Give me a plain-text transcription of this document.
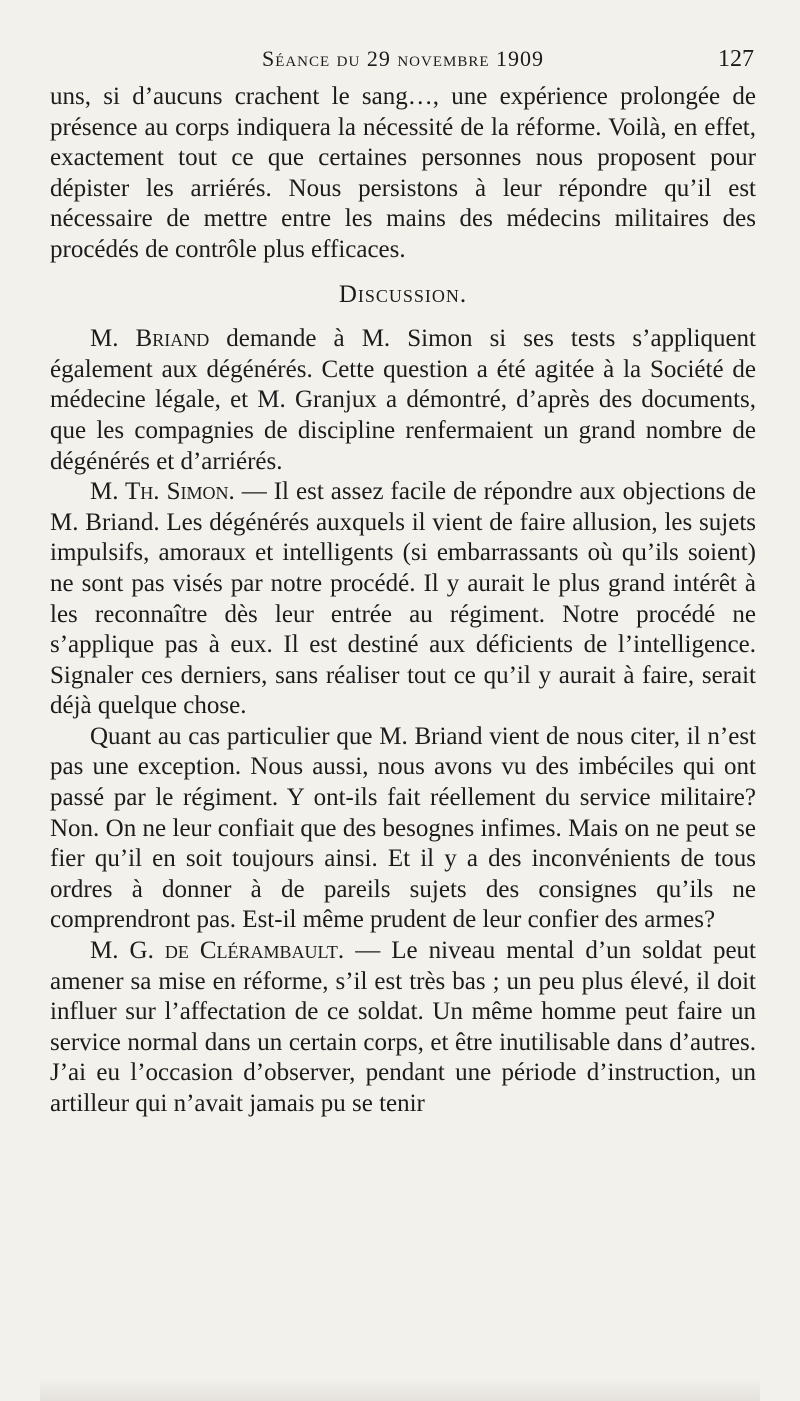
Séance du 29 novembre 1909	127

uns, si d’aucuns crachent le sang…, une expérience prolongée de présence au corps indiquera la nécessité de la réforme. Voilà, en effet, exactement tout ce que certaines personnes nous proposent pour dépister les arriérés. Nous persistons à leur répondre qu’il est nécessaire de mettre entre les mains des médecins militaires des procédés de contrôle plus efficaces.

Discussion.

M. Briand demande à M. Simon si ses tests s’appliquent également aux dégénérés. Cette question a été agitée à la Société de médecine légale, et M. Granjux a démontré, d’après des documents, que les compagnies de discipline renfermaient un grand nombre de dégénérés et d’arriérés.

M. Th. Simon. — Il est assez facile de répondre aux objections de M. Briand. Les dégénérés auxquels il vient de faire allusion, les sujets impulsifs, amoraux et intelligents (si embarrassants où qu’ils soient) ne sont pas visés par notre procédé. Il y aurait le plus grand intérêt à les reconnaître dès leur entrée au régiment. Notre procédé ne s’applique pas à eux. Il est destiné aux déficients de l’intelligence. Signaler ces derniers, sans réaliser tout ce qu’il y aurait à faire, serait déjà quelque chose.

Quant au cas particulier que M. Briand vient de nous citer, il n’est pas une exception. Nous aussi, nous avons vu des imbéciles qui ont passé par le régiment. Y ont-ils fait réellement du service militaire? Non. On ne leur confiait que des besognes infimes. Mais on ne peut se fier qu’il en soit toujours ainsi. Et il y a des inconvénients de tous ordres à donner à de pareils sujets des consignes qu’ils ne comprendront pas. Est-il même prudent de leur confier des armes?

M. G. de Clérambault. — Le niveau mental d’un soldat peut amener sa mise en réforme, s’il est très bas ; un peu plus élevé, il doit influer sur l’affectation de ce soldat. Un même homme peut faire un service normal dans un certain corps, et être inutilisable dans d’autres. J’ai eu l’occasion d’observer, pendant une période d’instruction, un artilleur qui n’avait jamais pu se tenir
